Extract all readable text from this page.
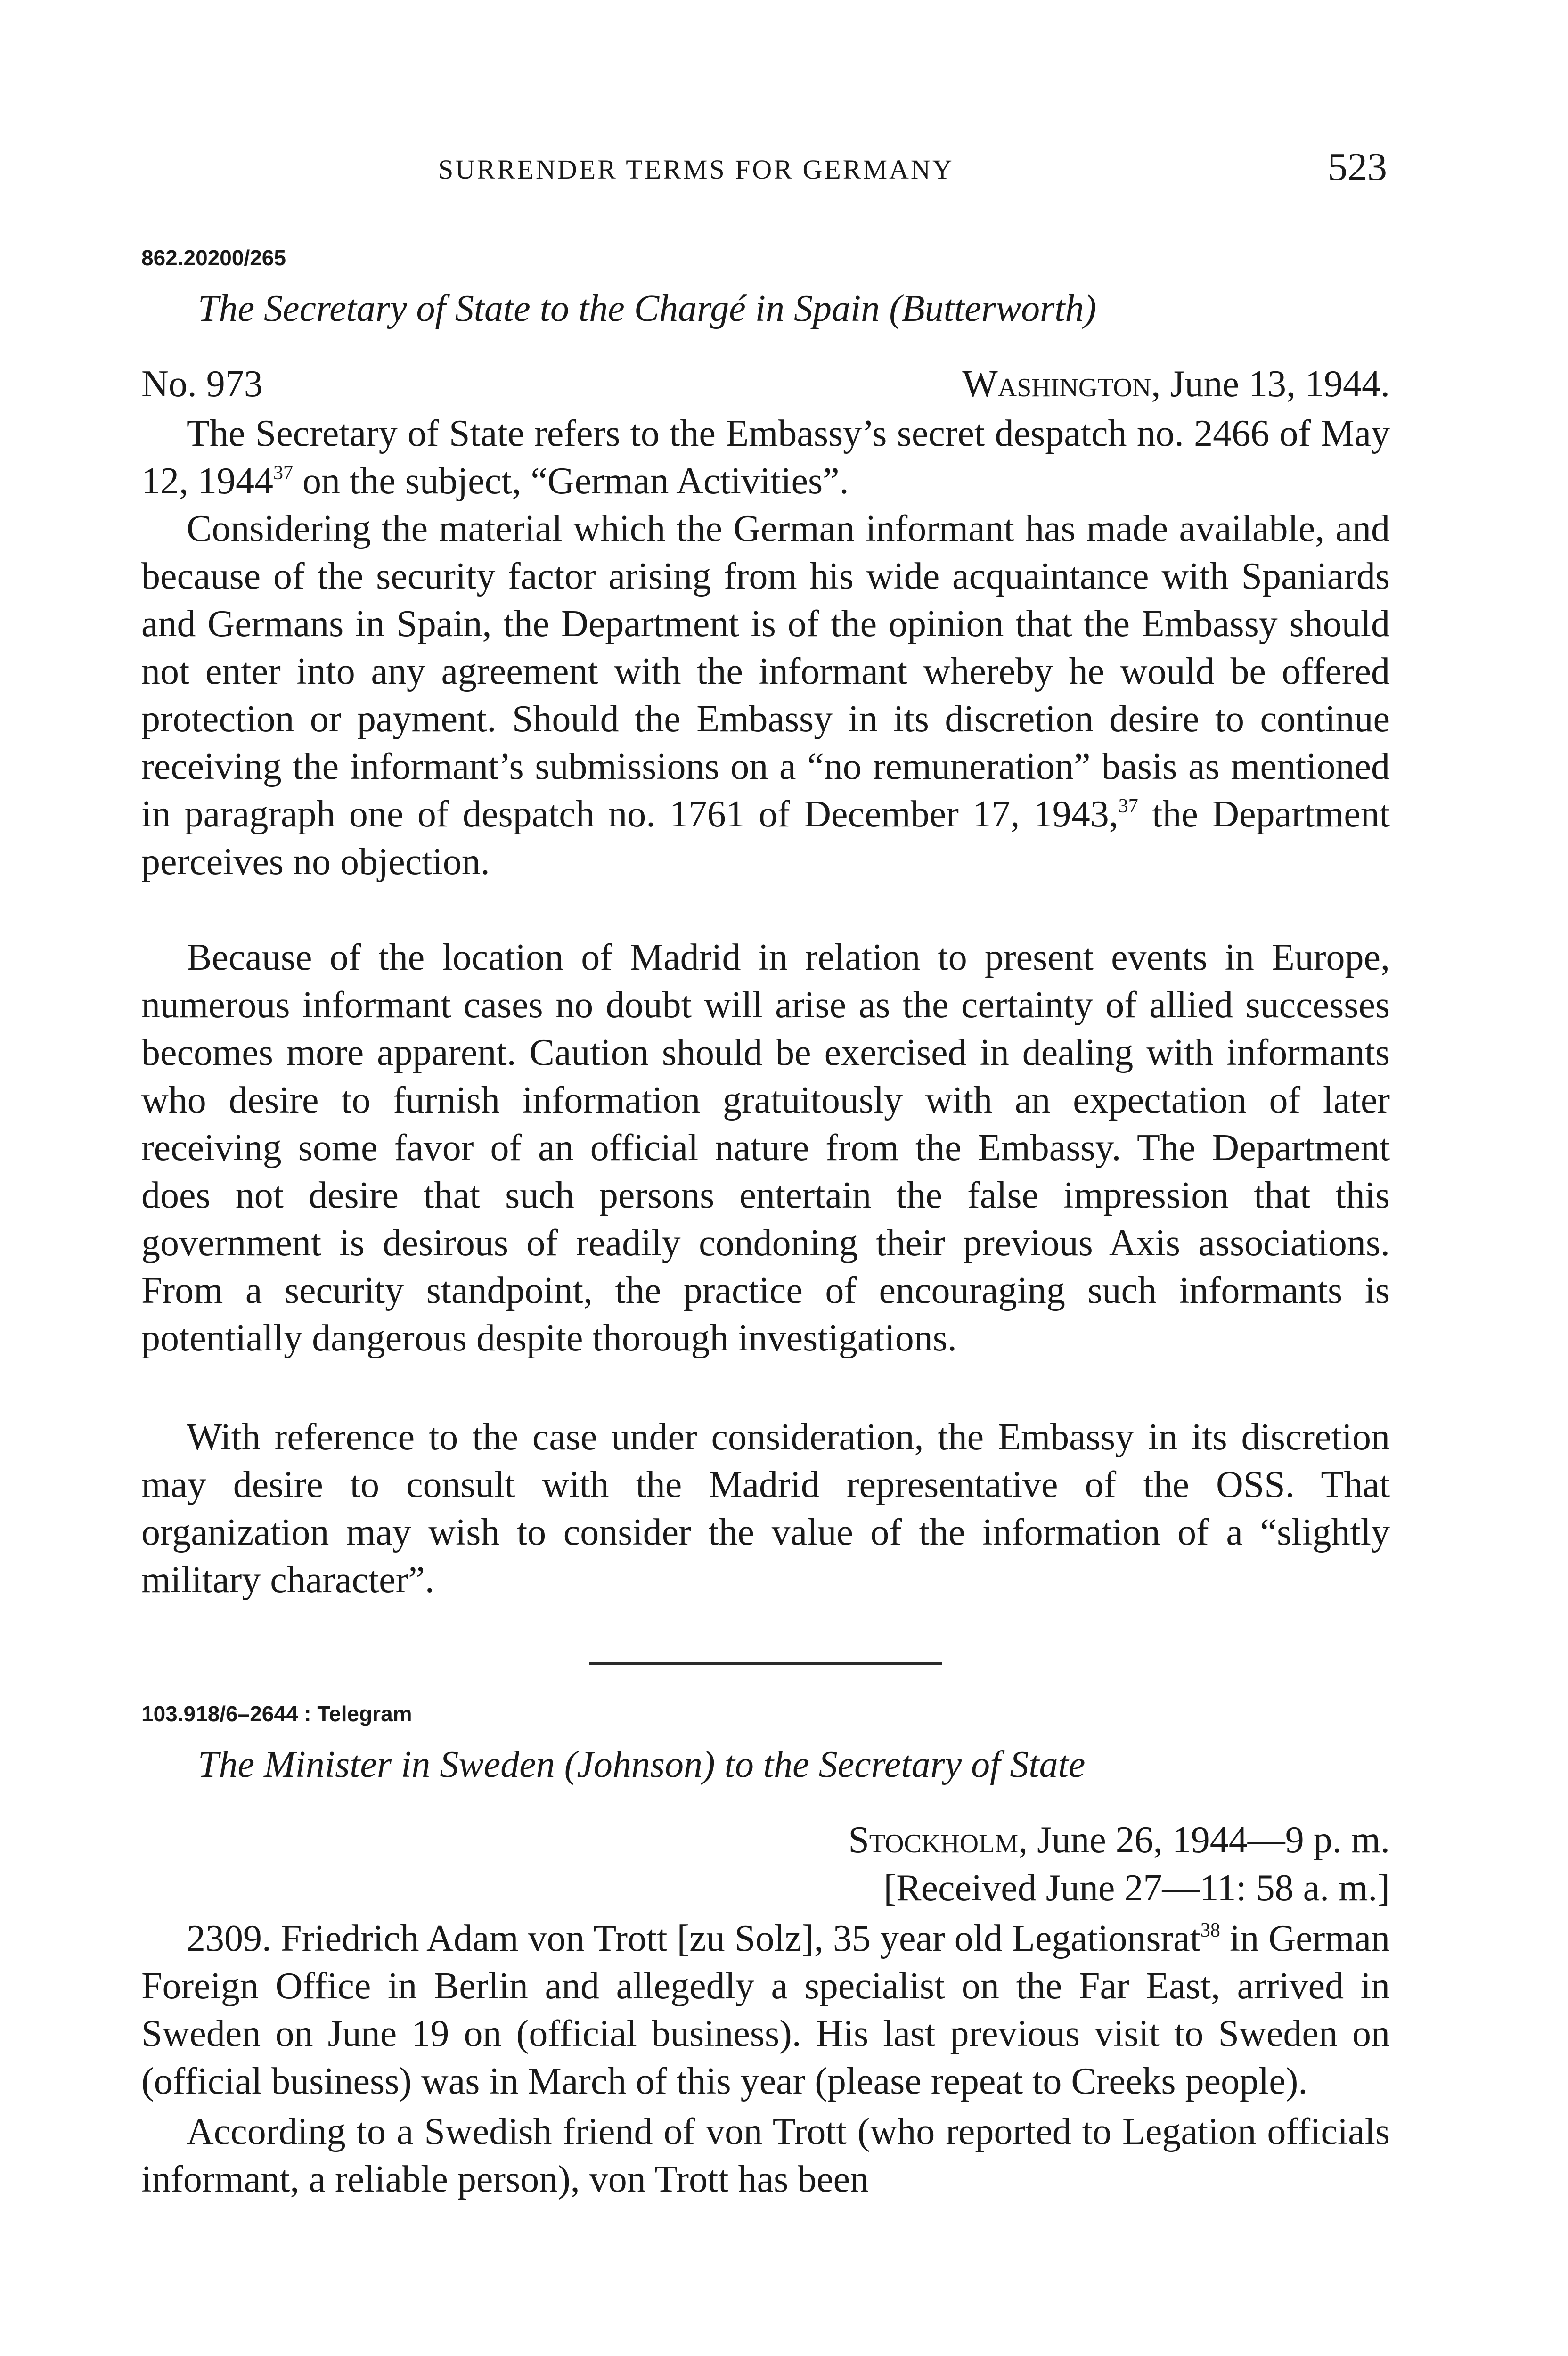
SURRENDER TERMS FOR GERMANY	523
862.20200/265
The Secretary of State to the Chargé in Spain (Butterworth)
No. 973	Washington, June 13, 1944.

The Secretary of State refers to the Embassy’s secret despatch no. 2466 of May 12, 1944$^{37}$ on the subject, “German Activities”.

Considering the material which the German informant has made available, and because of the security factor arising from his wide acquaintance with Spaniards and Germans in Spain, the Department is of the opinion that the Embassy should not enter into any agreement with the informant whereby he would be offered protection or payment. Should the Embassy in its discretion desire to continue receiving the informant’s submissions on a “no remuneration” basis as mentioned in paragraph one of despatch no. 1761 of December 17, 1943,37 the Department perceives no objection.

Because of the location of Madrid in relation to present events in Europe, numerous informant cases no doubt will arise as the certainty of allied successes becomes more apparent. Caution should be exercised in dealing with informants who desire to furnish information gratuitously with an expectation of later receiving some favor of an official nature from the Embassy. The Department does not desire that such persons entertain the false impression that this government is desirous of readily condoning their previous Axis associations. From a security standpoint, the practice of encouraging such informants is potentially dangerous despite thorough investigations.

With reference to the case under consideration, the Embassy in its discretion may desire to consult with the Madrid representative of the OSS. That organization may wish to consider the value of the information of a “slightly military character”.

103.918/6–2644 : Telegram
The Minister in Sweden (Johnson) to the Secretary of State
Stockholm, June 26, 1944—9 p. m.
[Received June 27—11: 58 a. m.]

2309. Friedrich Adam von Trott [zu Solz], 35 year old Legationsrat$^{38}$ in German Foreign Office in Berlin and allegedly a specialist on the Far East, arrived in Sweden on June 19 on (official business). His last previous visit to Sweden on (official business) was in March of this year (please repeat to Creeks people).

According to a Swedish friend of von Trott (who reported to Legation officials informant, a reliable person), von Trott has been
